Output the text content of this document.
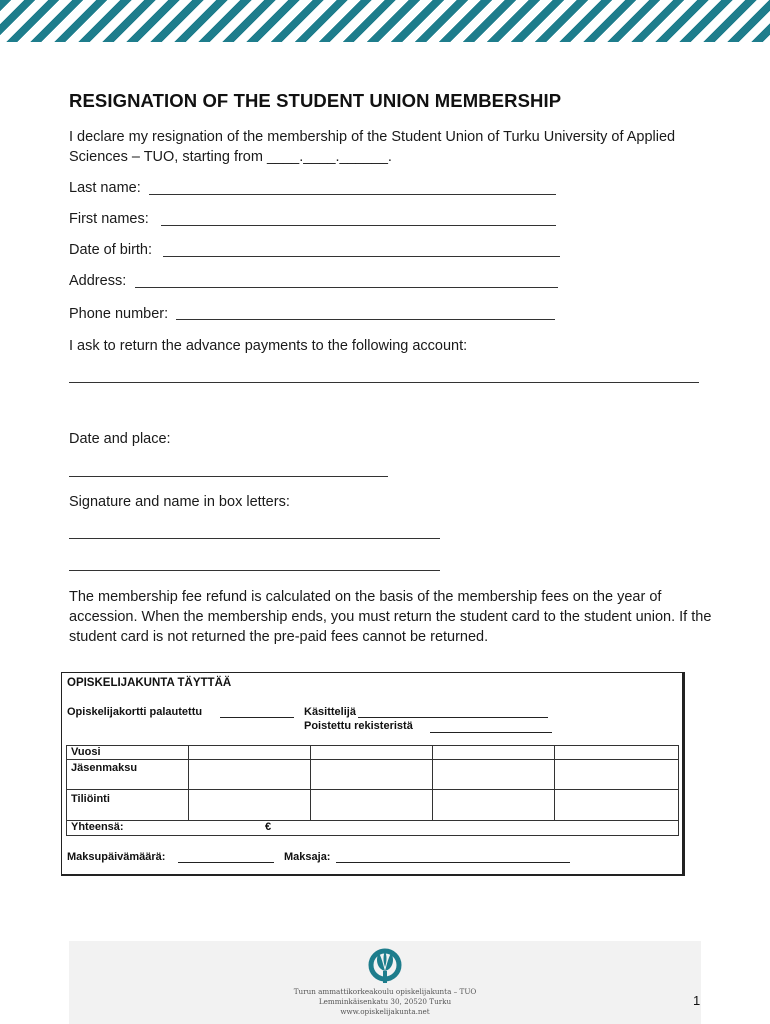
RESIGNATION OF THE STUDENT UNION MEMBERSHIP
I declare my resignation of the membership of the Student Union of Turku University of Applied Sciences – TUO, starting from ____.____.______.
Last name:
First names:
Date of birth:
Address:
Phone number:
I ask to return the advance payments to the following account:
Date and place:
Signature and name in box letters:
The membership fee refund is calculated on the basis of the membership fees on the year of accession. When the membership ends, you must return the student card to the student union. If the student card is not returned the pre-paid fees cannot be returned.
OPISKELIJAKUNTA TÄYTTÄÄ
Opiskelijakortti palautettu	Käsittelijä
Poistettu rekisteristä
Vuosi				
Jäsenmaksu				
Tiliöinti				
Yhteensä: €				
Maksupäivämäärä:	Maksaja:
Turun ammattikorkeakoulu opiskelijakunta – TUO
Lemminkäisenkatu 30, 20520 Turku
www.opiskelijakunta.net
1
